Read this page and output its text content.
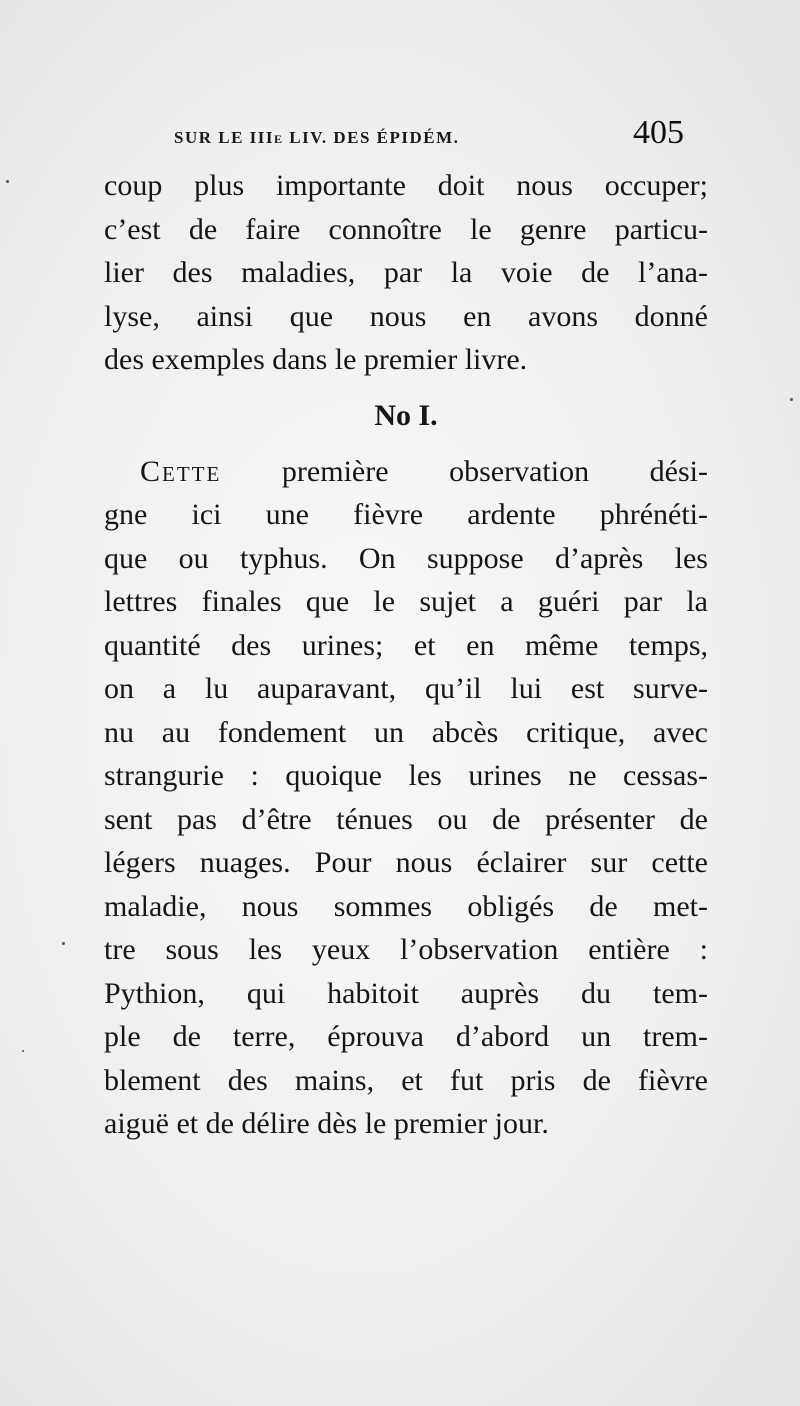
SUR LE IIIe LIV. DES ÉPIDÉM.	405
coup plus importante doit nous occuper;
c’est de faire connoître le genre particu-
lier des maladies, par la voie de l’ana-
lyse, ainsi que nous en avons donné
des exemples dans le premier livre.
No I.
Cette première observation dési-
gne ici une fièvre ardente phrénéti-
que ou typhus. On suppose d’après les
lettres finales que le sujet a guéri par la
quantité des urines; et en même temps,
on a lu auparavant, qu’il lui est surve-
nu au fondement un abcès critique, avec
strangurie : quoique les urines ne cessas-
sent pas d’être ténues ou de présenter de
légers nuages. Pour nous éclairer sur cette
maladie, nous sommes obligés de met-
tre sous les yeux l’observation entière :
Pythion, qui habitoit auprès du tem-
ple de terre, éprouva d’abord un trem-
blement des mains, et fut pris de fièvre
aiguë et de délire dès le premier jour.
